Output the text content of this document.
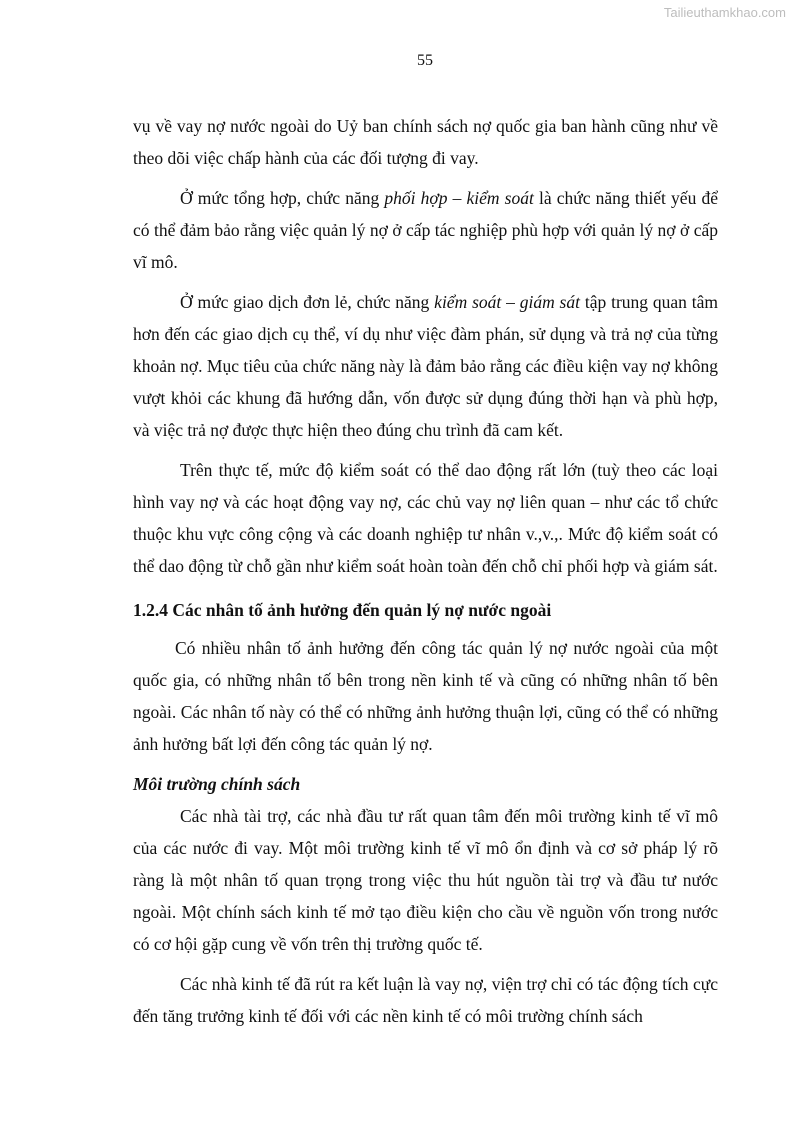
Tailieuthamkhao.com
55

vụ về vay nợ nước ngoài do Uỷ ban chính sách nợ quốc gia ban hành cũng như về theo dõi việc chấp hành của các đối tượng đi vay.

Ở mức tổng hợp, chức năng phối hợp – kiểm soát là chức năng thiết yếu để có thể đảm bảo rằng việc quản lý nợ ở cấp tác nghiệp phù hợp với quản lý nợ ở cấp vĩ mô.

Ở mức giao dịch đơn lẻ, chức năng kiểm soát – giám sát tập trung quan tâm hơn đến các giao dịch cụ thể, ví dụ như việc đàm phán, sử dụng và trả nợ của từng khoản nợ. Mục tiêu của chức năng này là đảm bảo rằng các điều kiện vay nợ không vượt khỏi các khung đã hướng dẫn, vốn được sử dụng đúng thời hạn và phù hợp, và việc trả nợ được thực hiện theo đúng chu trình đã cam kết.

Trên thực tế, mức độ kiểm soát có thể dao động rất lớn (tuỳ theo các loại hình vay nợ và các hoạt động vay nợ, các chủ vay nợ liên quan – như các tổ chức thuộc khu vực công cộng và các doanh nghiệp tư nhân v.,v.,. Mức độ kiểm soát có thể dao động từ chỗ gần như kiểm soát hoàn toàn đến chỗ chỉ phối hợp và giám sát.

1.2.4 Các nhân tố ảnh hưởng đến quản lý nợ nước ngoài

Có nhiều nhân tố ảnh hưởng đến công tác quản lý nợ nước ngoài của một quốc gia, có những nhân tố bên trong nền kinh tế và cũng có những nhân tố bên ngoài. Các nhân tố này có thể có những ảnh hưởng thuận lợi, cũng có thể có những ảnh hưởng bất lợi đến công tác quản lý nợ.

Môi trường chính sách

Các nhà tài trợ, các nhà đầu tư rất quan tâm đến môi trường kinh tế vĩ mô của các nước đi vay. Một môi trường kinh tế vĩ mô ổn định và cơ sở pháp lý rõ ràng là một nhân tố quan trọng trong việc thu hút nguồn tài trợ và đầu tư nước ngoài. Một chính sách kinh tế mở tạo điều kiện cho cầu về nguồn vốn trong nước có cơ hội gặp cung về vốn trên thị trường quốc tế.

Các nhà kinh tế đã rút ra kết luận là vay nợ, viện trợ chỉ có tác động tích cực đến tăng trưởng kinh tế đối với các nền kinh tế có môi trường chính sách
